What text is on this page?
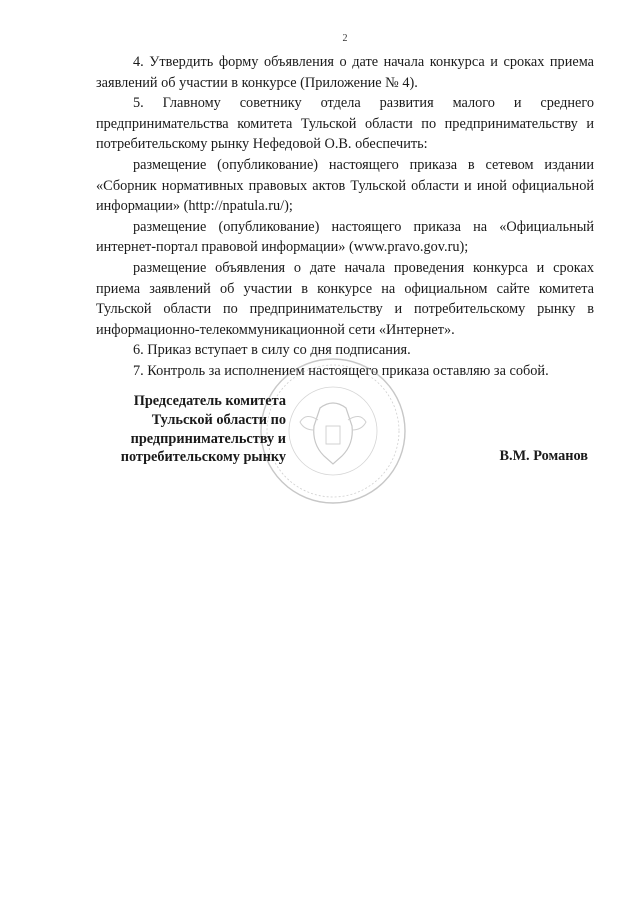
2

4. Утвердить форму объявления о дате начала конкурса и сроках приема заявлений об участии в конкурсе (Приложение № 4).

5. Главному советнику отдела развития малого и среднего предпринимательства комитета Тульской области по предпринимательству и потребительскому рынку Нефедовой О.В. обеспечить:

размещение (опубликование) настоящего приказа в сетевом издании «Сборник нормативных правовых актов Тульской области и иной официальной информации» (http://npatula.ru/);

размещение (опубликование) настоящего приказа на «Официальный интернет-портал правовой информации» (www.pravo.gov.ru);

размещение объявления о дате начала проведения конкурса и сроках приема заявлений об участии в конкурсе на официальном сайте комитета Тульской области по предпринимательству и потребительскому рынку в информационно-телекоммуникационной сети «Интернет».

6. Приказ вступает в силу со дня подписания.

7. Контроль за исполнением настоящего приказа оставляю за собой.

Председатель комитета
Тульской области по
предпринимательству и
потребительскому рынку	В.М. Романов
